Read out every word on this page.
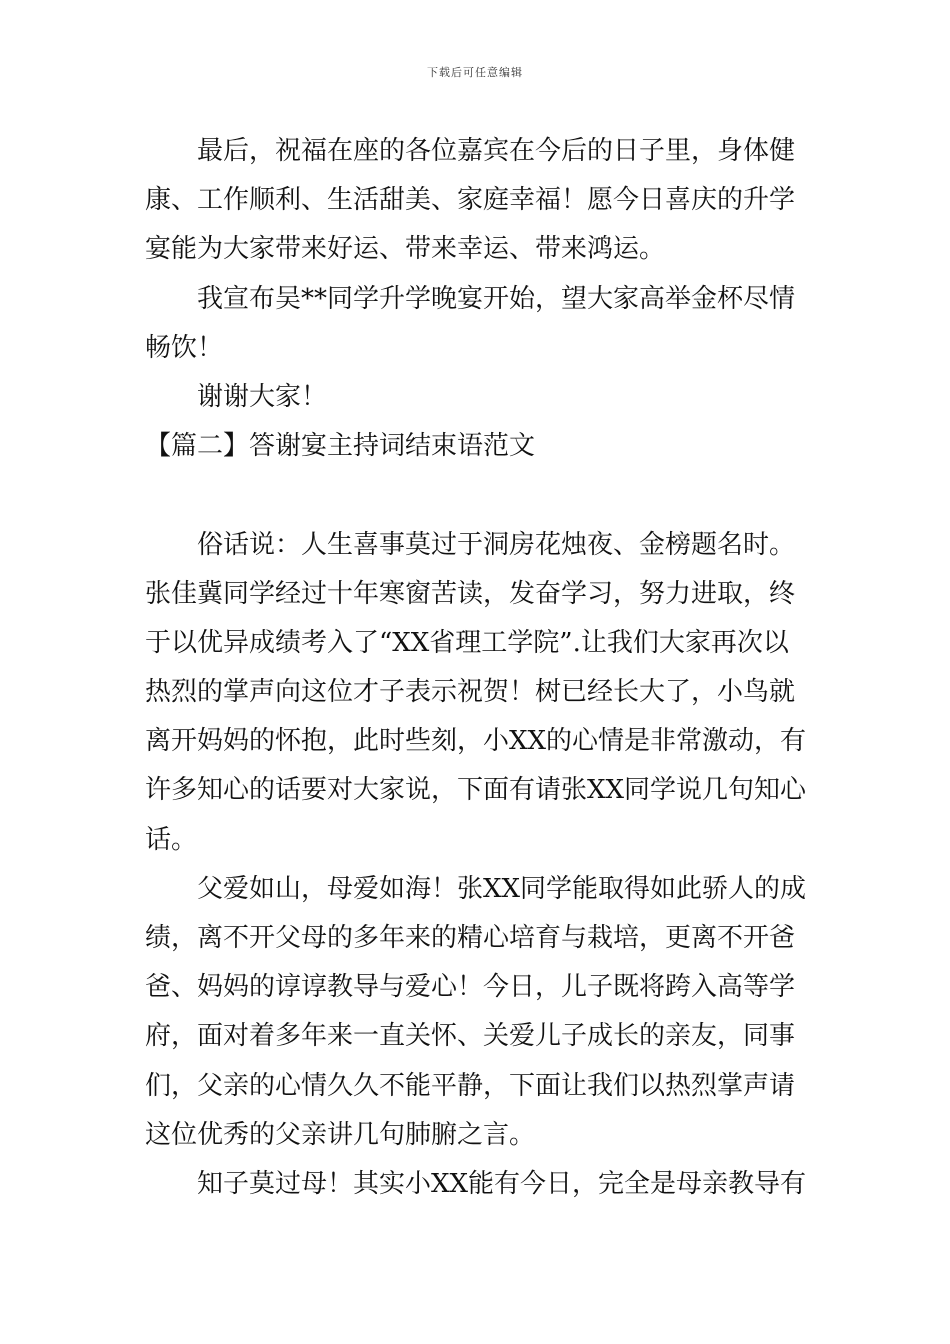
下载后可任意编辑
最后，祝福在座的各位嘉宾在今后的日子里，身体健
康、工作顺利、生活甜美、家庭幸福！愿今日喜庆的升学
宴能为大家带来好运、带来幸运、带来鸿运。
我宣布吴**同学升学晚宴开始，望大家高举金杯尽情
畅饮！
谢谢大家！
【篇二】答谢宴主持词结束语范文
俗话说：人生喜事莫过于洞房花烛夜、金榜题名时。
张佳冀同学经过十年寒窗苦读，发奋学习，努力进取，终
于以优异成绩考入了“XX省理工学院”.让我们大家再次以
热烈的掌声向这位才子表示祝贺！树已经长大了，小鸟就
离开妈妈的怀抱，此时些刻，小XX的心情是非常激动，有
许多知心的话要对大家说，下面有请张XX同学说几句知心
话。
父爱如山，母爱如海！张XX同学能取得如此骄人的成
绩，离不开父母的多年来的精心培育与栽培，更离不开爸
爸、妈妈的谆谆教导与爱心！今日，儿子既将跨入高等学
府，面对着多年来一直关怀、关爱儿子成长的亲友，同事
们，父亲的心情久久不能平静，下面让我们以热烈掌声请
这位优秀的父亲讲几句肺腑之言。
知子莫过母！其实小XX能有今日，完全是母亲教导有
